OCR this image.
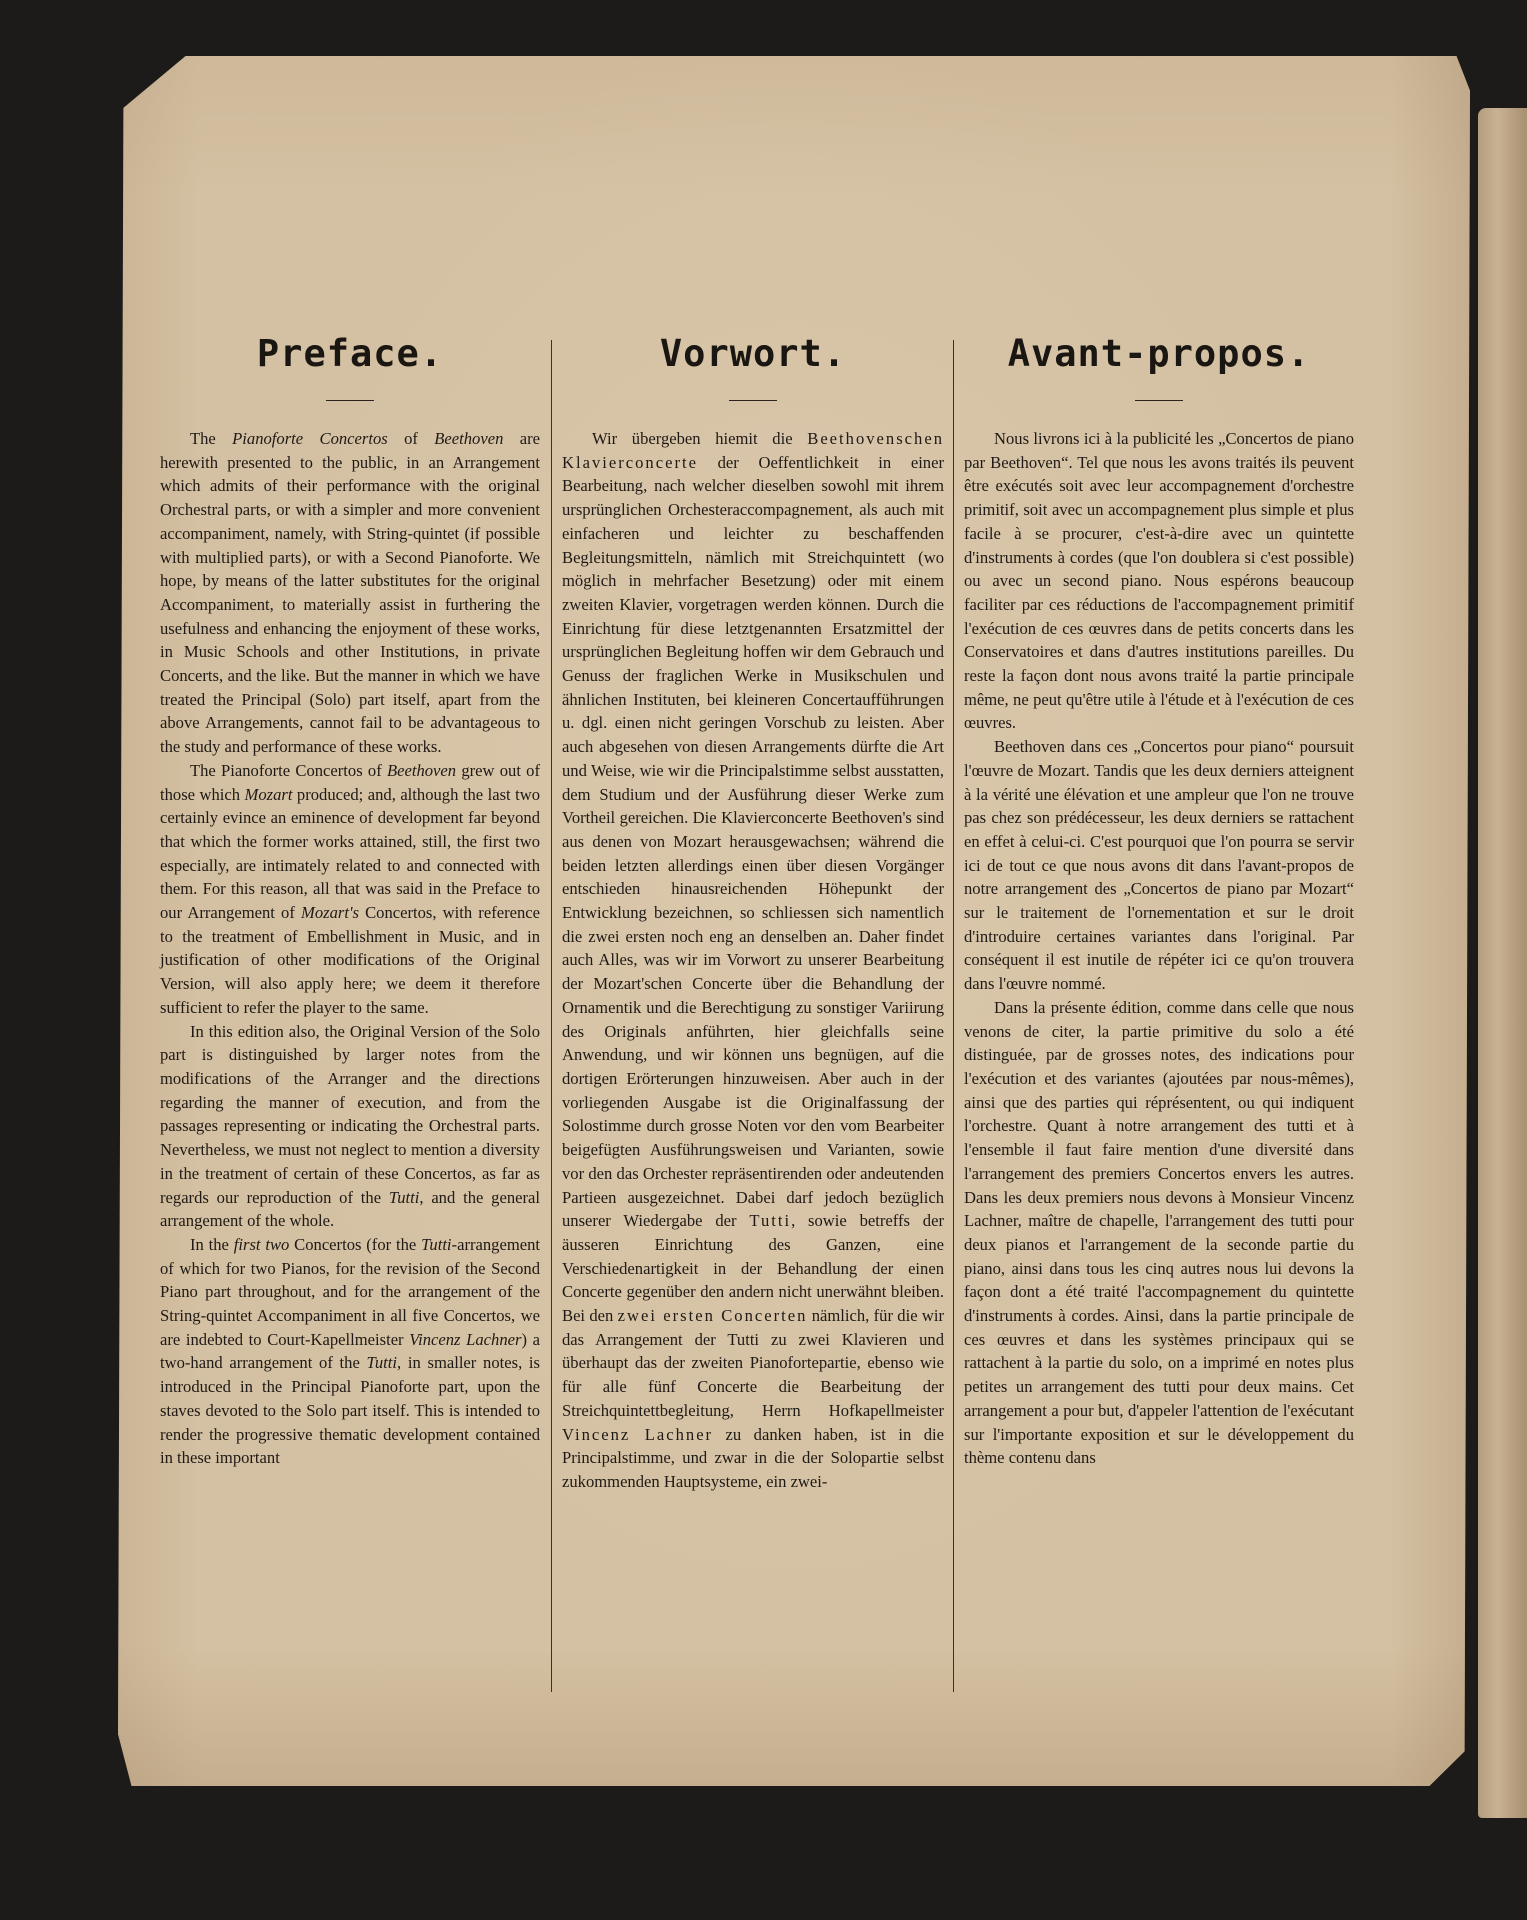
Preface.

The Pianoforte Concertos of Beethoven are herewith presented to the public, in an Arrangement which admits of their performance with the original Orchestral parts, or with a simpler and more convenient accompaniment, namely, with String-quintet (if possible with multiplied parts), or with a Second Pianoforte. We hope, by means of the latter substitutes for the original Accompaniment, to materially assist in furthering the usefulness and enhancing the enjoyment of these works, in Music Schools and other Institutions, in private Concerts, and the like. But the manner in which we have treated the Principal (Solo) part itself, apart from the above Arrangements, cannot fail to be advantageous to the study and performance of these works.

The Pianoforte Concertos of Beethoven grew out of those which Mozart produced; and, although the last two certainly evince an eminence of development far beyond that which the former works attained, still, the first two especially, are intimately related to and connected with them. For this reason, all that was said in the Preface to our Arrangement of Mozart's Concertos, with reference to the treatment of Embellishment in Music, and in justification of other modifications of the Original Version, will also apply here; we deem it therefore sufficient to refer the player to the same.

In this edition also, the Original Version of the Solo part is distinguished by larger notes from the modifications of the Arranger and the directions regarding the manner of execution, and from the passages representing or indicating the Orchestral parts. Nevertheless, we must not neglect to mention a diversity in the treatment of certain of these Concertos, as far as regards our reproduction of the Tutti, and the general arrangement of the whole.

In the first two Concertos (for the Tutti-arrangement of which for two Pianos, for the revision of the Second Piano part throughout, and for the arrangement of the String-quintet Accompaniment in all five Concertos, we are indebted to Court-Kapellmeister Vincenz Lachner) a two-hand arrangement of the Tutti, in smaller notes, is introduced in the Principal Pianoforte part, upon the staves devoted to the Solo part itself. This is intended to render the progressive thematic development contained in these important

Vorwort.

Wir übergeben hiemit die Beethovenschen Klavierconcerte der Oeffentlichkeit in einer Bearbeitung, nach welcher dieselben sowohl mit ihrem ursprünglichen Orchesteraccompagnement, als auch mit einfacheren und leichter zu beschaffenden Begleitungsmitteln, nämlich mit Streichquintett (wo möglich in mehrfacher Besetzung) oder mit einem zweiten Klavier, vorgetragen werden können. Durch die Einrichtung für diese letztgenannten Ersatzmittel der ursprünglichen Begleitung hoffen wir dem Gebrauch und Genuss der fraglichen Werke in Musikschulen und ähnlichen Instituten, bei kleineren Concertaufführungen u. dgl. einen nicht geringen Vorschub zu leisten. Aber auch abgesehen von diesen Arrangements dürfte die Art und Weise, wie wir die Principalstimme selbst ausstatten, dem Studium und der Ausführung dieser Werke zum Vortheil gereichen. Die Klavierconcerte Beethoven's sind aus denen von Mozart herausgewachsen; während die beiden letzten allerdings einen über diesen Vorgänger entschieden hinausreichenden Höhepunkt der Entwicklung bezeichnen, so schliessen sich namentlich die zwei ersten noch eng an denselben an. Daher findet auch Alles, was wir im Vorwort zu unserer Bearbeitung der Mozart'schen Concerte über die Behandlung der Ornamentik und die Berechtigung zu sonstiger Variirung des Originals anführten, hier gleichfalls seine Anwendung, und wir können uns begnügen, auf die dortigen Erörterungen hinzuweisen. Aber auch in der vorliegenden Ausgabe ist die Originalfassung der Solostimme durch grosse Noten vor den vom Bearbeiter beigefügten Ausführungsweisen und Varianten, sowie vor den das Orchester repräsentirenden oder andeutenden Partieen ausgezeichnet. Dabei darf jedoch bezüglich unserer Wiedergabe der Tutti, sowie betreffs der äusseren Einrichtung des Ganzen, eine Verschiedenartigkeit in der Behandlung der einen Concerte gegenüber den andern nicht unerwähnt bleiben. Bei den zwei ersten Concerten nämlich, für die wir das Arrangement der Tutti zu zwei Klavieren und überhaupt das der zweiten Pianofortepartie, ebenso wie für alle fünf Concerte die Bearbeitung der Streichquintettbegleitung, Herrn Hofkapellmeister Vincenz Lachner zu danken haben, ist in die Principalstimme, und zwar in die der Solopartie selbst zukommenden Hauptsysteme, ein zwei-

Avant-propos.

Nous livrons ici à la publicité les „Concertos de piano par Beethoven“. Tel que nous les avons traités ils peuvent être exécutés soit avec leur accompagnement d'orchestre primitif, soit avec un accompagnement plus simple et plus facile à se procurer, c'est-à-dire avec un quintette d'instruments à cordes (que l'on doublera si c'est possible) ou avec un second piano. Nous espérons beaucoup faciliter par ces réductions de l'accompagnement primitif l'exécution de ces œuvres dans de petits concerts dans les Conservatoires et dans d'autres institutions pareilles. Du reste la façon dont nous avons traité la partie principale même, ne peut qu'être utile à l'étude et à l'exécution de ces œuvres.

Beethoven dans ces „Concertos pour piano“ poursuit l'œuvre de Mozart. Tandis que les deux derniers atteignent à la vérité une élévation et une ampleur que l'on ne trouve pas chez son prédécesseur, les deux derniers se rattachent en effet à celui-ci. C'est pourquoi que l'on pourra se servir ici de tout ce que nous avons dit dans l'avant-propos de notre arrangement des „Concertos de piano par Mozart“ sur le traitement de l'ornementation et sur le droit d'introduire certaines variantes dans l'original. Par conséquent il est inutile de répéter ici ce qu'on trouvera dans l'œuvre nommé.

Dans la présente édition, comme dans celle que nous venons de citer, la partie primitive du solo a été distinguée, par de grosses notes, des indications pour l'exécution et des variantes (ajoutées par nous-mêmes), ainsi que des parties qui réprésentent, ou qui indiquent l'orchestre. Quant à notre arrangement des tutti et à l'ensemble il faut faire mention d'une diversité dans l'arrangement des premiers Concertos envers les autres. Dans les deux premiers nous devons à Monsieur Vincenz Lachner, maître de chapelle, l'arrangement des tutti pour deux pianos et l'arrangement de la seconde partie du piano, ainsi dans tous les cinq autres nous lui devons la façon dont a été traité l'accompagnement du quintette d'instruments à cordes. Ainsi, dans la partie principale de ces œuvres et dans les systèmes principaux qui se rattachent à la partie du solo, on a imprimé en notes plus petites un arrangement des tutti pour deux mains. Cet arrangement a pour but, d'appeler l'attention de l'exécutant sur l'importante exposition et sur le développement du thème contenu dans
